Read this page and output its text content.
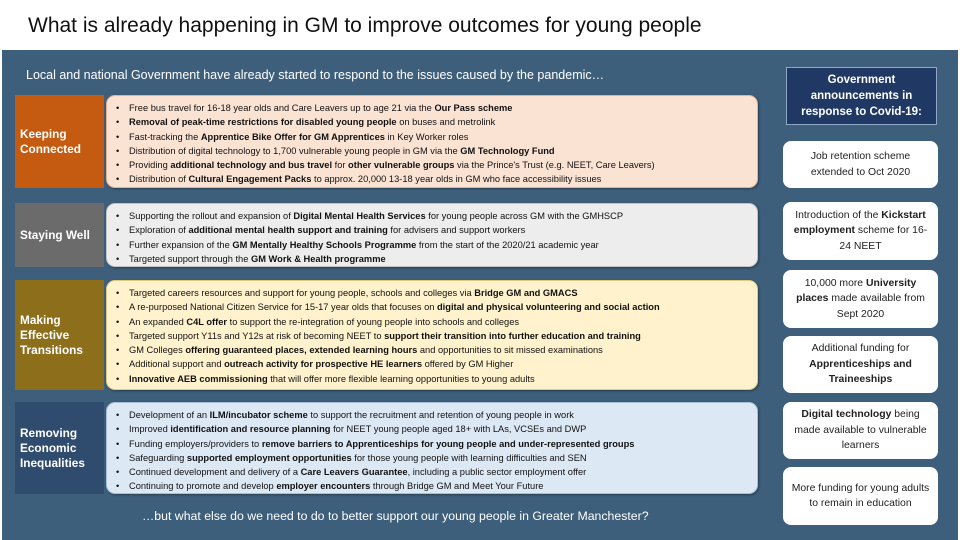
What is already happening in GM to improve outcomes for young people
Local and national Government have already started to respond to the issues caused by the pandemic…
Keeping Connected
Staying Well
Making Effective Transitions
Removing Economic Inequalities
• Free bus travel for 16-18 year olds and Care Leavers up to age 21 via the Our Pass scheme
• Removal of peak-time restrictions for disabled young people on buses and metrolink
• Fast-tracking the Apprentice Bike Offer for GM Apprentices in Key Worker roles
• Distribution of digital technology to 1,700 vulnerable young people in GM via the GM Technology Fund
• Providing additional technology and bus travel for other vulnerable groups via the Prince's Trust (e.g. NEET, Care Leavers)
• Distribution of Cultural Engagement Packs to approx. 20,000 13-18 year olds in GM who face accessibility issues
• Supporting the rollout and expansion of Digital Mental Health Services for young people across GM with the GMHSCP
• Exploration of additional mental health support and training for advisers and support workers
• Further expansion of the GM Mentally Healthy Schools Programme from the start of the 2020/21 academic year
• Targeted support through the GM Work & Health programme
• Targeted careers resources and support for young people, schools and colleges via Bridge GM and GMACS
• A re-purposed National Citizen Service for 15-17 year olds that focuses on digital and physical volunteering and social action
• An expanded C4L offer to support the re-integration of young people into schools and colleges
• Targeted support Y11s and Y12s at risk of becoming NEET to support their transition into further education and training
• GM Colleges offering guaranteed places, extended learning hours and opportunities to sit missed examinations
• Additional support and outreach activity for prospective HE learners offered by GM Higher
• Innovative AEB commissioning that will offer more flexible learning opportunities to young adults
• Development of an ILM/incubator scheme to support the recruitment and retention of young people in work
• Improved identification and resource planning for NEET young people aged 18+ with LAs, VCSEs and DWP
• Funding employers/providers to remove barriers to Apprenticeships for young people and under-represented groups
• Safeguarding supported employment opportunities for those young people with learning difficulties and SEN
• Continued development and delivery of a Care Leavers Guarantee, including a public sector employment offer
• Continuing to promote and develop employer encounters through Bridge GM and Meet Your Future
…but what else do we need to do to better support our young people in Greater Manchester?
Government announcements in response to Covid-19:
Job retention scheme extended to Oct 2020
Introduction of the Kickstart employment scheme for 16-24 NEET
10,000 more University places made available from Sept 2020
Additional funding for Apprenticeships and Traineeships
Digital technology being made available to vulnerable learners
More funding for young adults to remain in education
